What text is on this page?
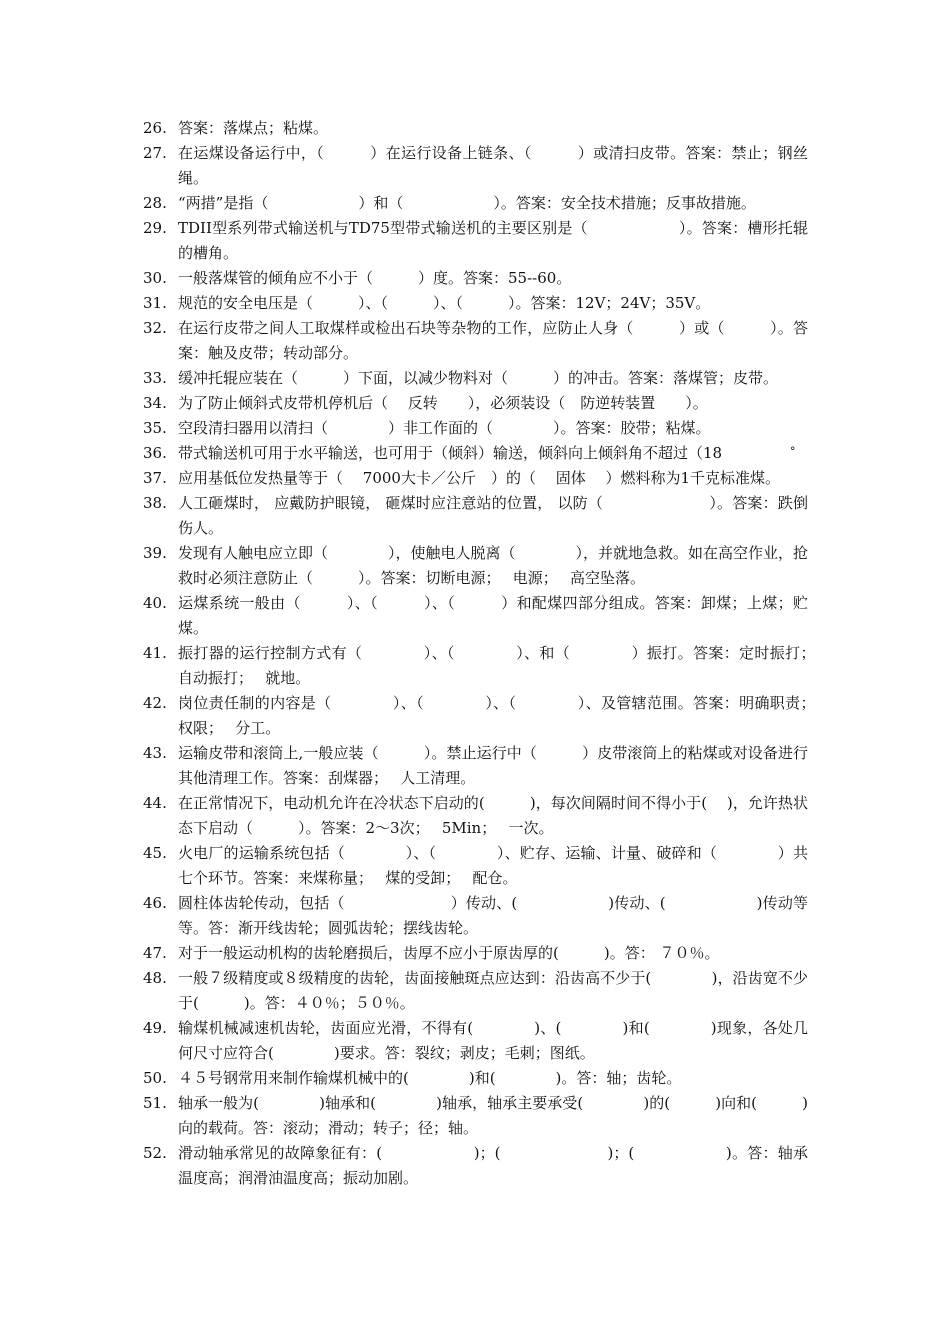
26. 答案：落煤点；粘煤。

27. 在运煤设备运行中，（　　　）在运行设备上链条、（　　　）或清扫皮带。答案：禁止；钢丝绳。

28. “两措”是指（　　　　　　）和（　　　　　　）。答案：安全技术措施；反事故措施。

29. TDII型系列带式输送机与TD75型带式输送机的主要区别是（　　　　　　）。答案：槽形托辊的槽角。

30. 一般落煤管的倾角应不小于（　　　）度。答案：55--60。

31. 规范的安全电压是（　　　）、（　　　）、（　　　）。答案：12V；24V；35V。

32. 在运行皮带之间人工取煤样或检出石块等杂物的工作，应防止人身（　　　）或（　　　）。答案：触及皮带；转动部分。

33. 缓冲托辊应装在（　　　）下面，以减少物料对（　　　）的冲击。答案：落煤管；皮带。

34. 为了防止倾斜式皮带机停机后（　 反转　　），必须装设（　防逆转装置　　）。

35. 空段清扫器用以清扫（　　　　）非工作面的（　　　　）。答案：胶带；粘煤。

36. 带式输送机可用于水平输送，也可用于（倾斜）输送，倾斜向上倾斜角不超过（18

37. 应用基低位发热量等于（　 7000大卡／公斤　）的（　 固体　 ）燃料称为1千克标准煤。

38. 人工砸煤时， 应戴防护眼镜， 砸煤时应注意站的位置， 以防（　　　　　　　）。答案：跌倒伤人。

39. 发现有人触电应立即（　　　　），使触电人脱离（　　　　），并就地急救。如在高空作业，抢救时必须注意防止（　　　）。答案：切断电源；　 电源；　 高空坠落。

40. 运煤系统一般由（　　　）、（　　　）、（　　　）和配煤四部分组成。答案：卸煤；上煤；贮煤。

41. 振打器的运行控制方式有（　　　　）、（　　　　）、和（　　　　）振打。答案：定时振打；　 自动振打；　 就地。

42. 岗位责任制的内容是（　　　　）、（　　　　）、（　　　　）、及管辖范围。答案：明确职责；　 权限；　 分工。

43. 运输皮带和滚筒上,一般应装（　　　）。禁止运行中（　　　）皮带滚筒上的粘煤或对设备进行其他清理工作。答案：刮煤器；　 人工清理。

44. 在正常情况下，电动机允许在冷状态下启动的(　　　)，每次间隔时间不得小于(　 )，允许热状态下启动（　　　）。答案：2～3次；　 5Min；　 一次。

45. 火电厂的运输系统包括（　　　　）、（　　　　）、贮存、运输、计量、破碎和（　　　　）共七个环节。答案：来煤称量；　 煤的受卸；　 配仓。

46. 圆柱体齿轮传动，包括（　　　　　　　）传动、(　　　　　　)传动、(　　　　　　)传动等等。答：渐开线齿轮；圆弧齿轮；摆线齿轮。

47. 对于一般运动机构的齿轮磨损后，齿厚不应小于原齿厚的(　　　)。答： ７０％。

48. 一般７级精度或８级精度的齿轮，齿面接触斑点应达到：沿齿高不少于(　　　　)，沿齿宽不少于(　　　)。答：４０％；５０％。

49. 输煤机械减速机齿轮，齿面应光滑，不得有(　　　　)、(　　　　)和(　　　　)现象，各处几何尺寸应符合(　　　　)要求。答：裂纹；剥皮；毛刺；图纸。

50. ４５号钢常用来制作输煤机械中的(　　　　)和(　　　　)。答：轴；齿轮。

51. 轴承一般为(　　　　)轴承和(　　　　)轴承，轴承主要承受(　　　　)的(　　　)向和(　　　)向的载荷。答：滚动；滑动；转子；径；轴。

52. 滑动轴承常见的故障象征有：(　　　　　　)；(　　　　　　　)；(　　　　　　)。答：轴承温度高；润滑油温度高；振动加剧。

°
